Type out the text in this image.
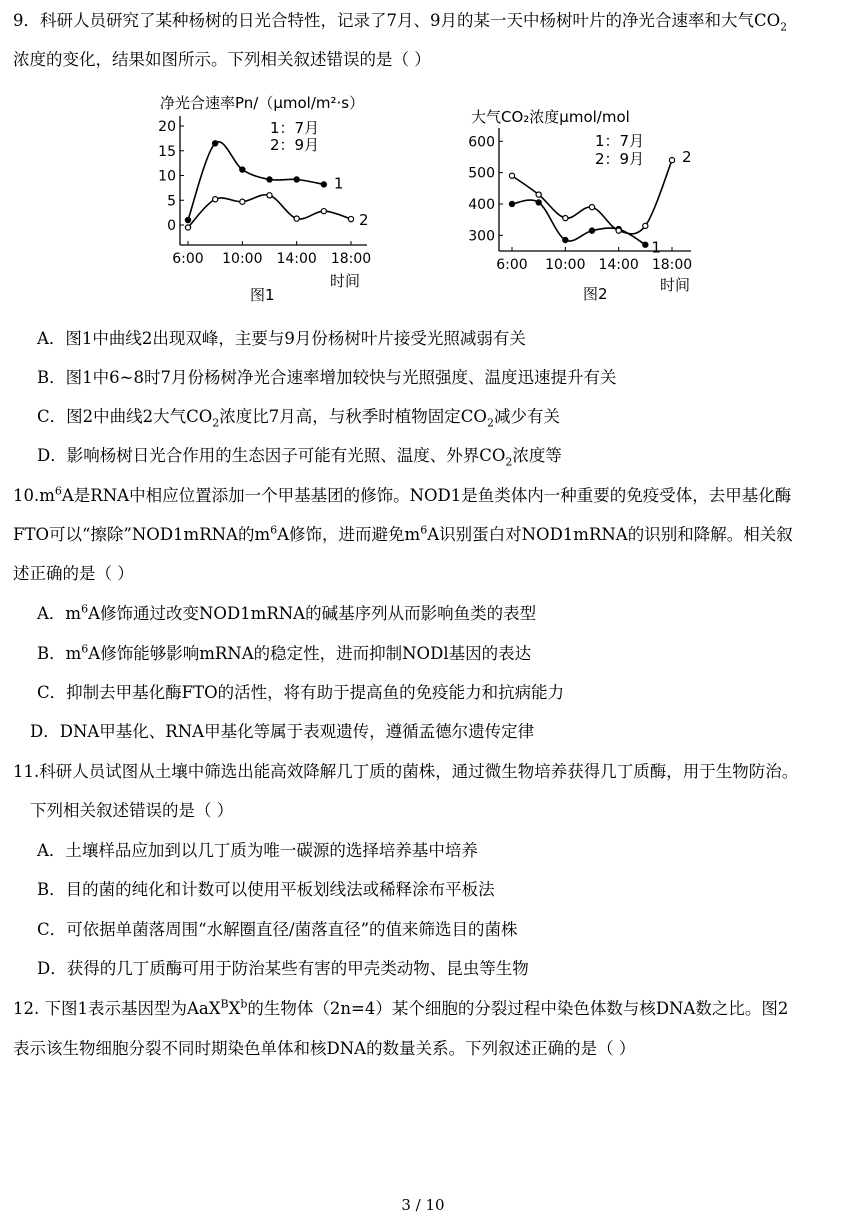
9．科研人员研究了某种杨树的日光合特性，记录了7月、9月的某一天中杨树叶片的净光合速率和大气$CO_2$
浓度的变化，结果如图所示。下列相关叙述错误的是（ ）
净光合速率Pn/（μmol/m²·s）
0
5
10
15
20
6:00 10:00 14:00 18:00
1
2
1：7月
2：9月
图1
时间
大气CO₂浓度μmol/mol
300
400
500
600
6:00 10:00 14:00 18:00
1
2
1：7月
2：9月
图2	时间
A．图1中曲线2出现双峰，主要与9月份杨树叶片接受光照减弱有关
B．图1中6~8时7月份杨树净光合速率增加较快与光照强度、温度迅速提升有关
C．图2中曲线2大气$CO_2$浓度比7月高，与秋季时植物固定$CO_2$减少有关
D．影响杨树日光合作用的生态因子可能有光照、温度、外界$CO_2$浓度等
$10.m^6A$是RNA中相应位置添加一个甲基基团的修饰。NOD1是鱼类体内一种重要的免疫受体，去甲基化酶
FTO可以“擦除”NOD1mRNA的$m^6A$修饰，进而避免$m^6A$识别蛋白对NOD1mRNA的识别和降解。相关叙
述正确的是（ ）
A．$m^6A$修饰通过改变NOD1mRNA的碱基序列从而影响鱼类的表型
B．$m^6A$修饰能够影响mRNA的稳定性，进而抑制NODl基因的表达
C．抑制去甲基化酶FTO的活性，将有助于提高鱼的免疫能力和抗病能力
D．DNA甲基化、RNA甲基化等属于表观遗传，遵循孟德尔遗传定律
11.科研人员试图从土壤中筛选出能高效降解几丁质的菌株，通过微生物培养获得几丁质酶，用于生物防治。
下列相关叙述错误的是（ ）
A．土壤样品应加到以几丁质为唯一碳源的选择培养基中培养
B．目的菌的纯化和计数可以使用平板划线法或稀释涂布平板法
C．可依据单菌落周围“水解圈直径/菌落直径”的值来筛选目的菌株
D．获得的几丁质酶可用于防治某些有害的甲壳类动物、昆虫等生物
12. 下图1表示基因型为$AaX^BX^b$的生物体（2n=4）某个细胞的分裂过程中染色体数与核DNA数之比。图2
表示该生物细胞分裂不同时期染色单体和核DNA的数量关系。下列叙述正确的是（ ）
3 / 10
